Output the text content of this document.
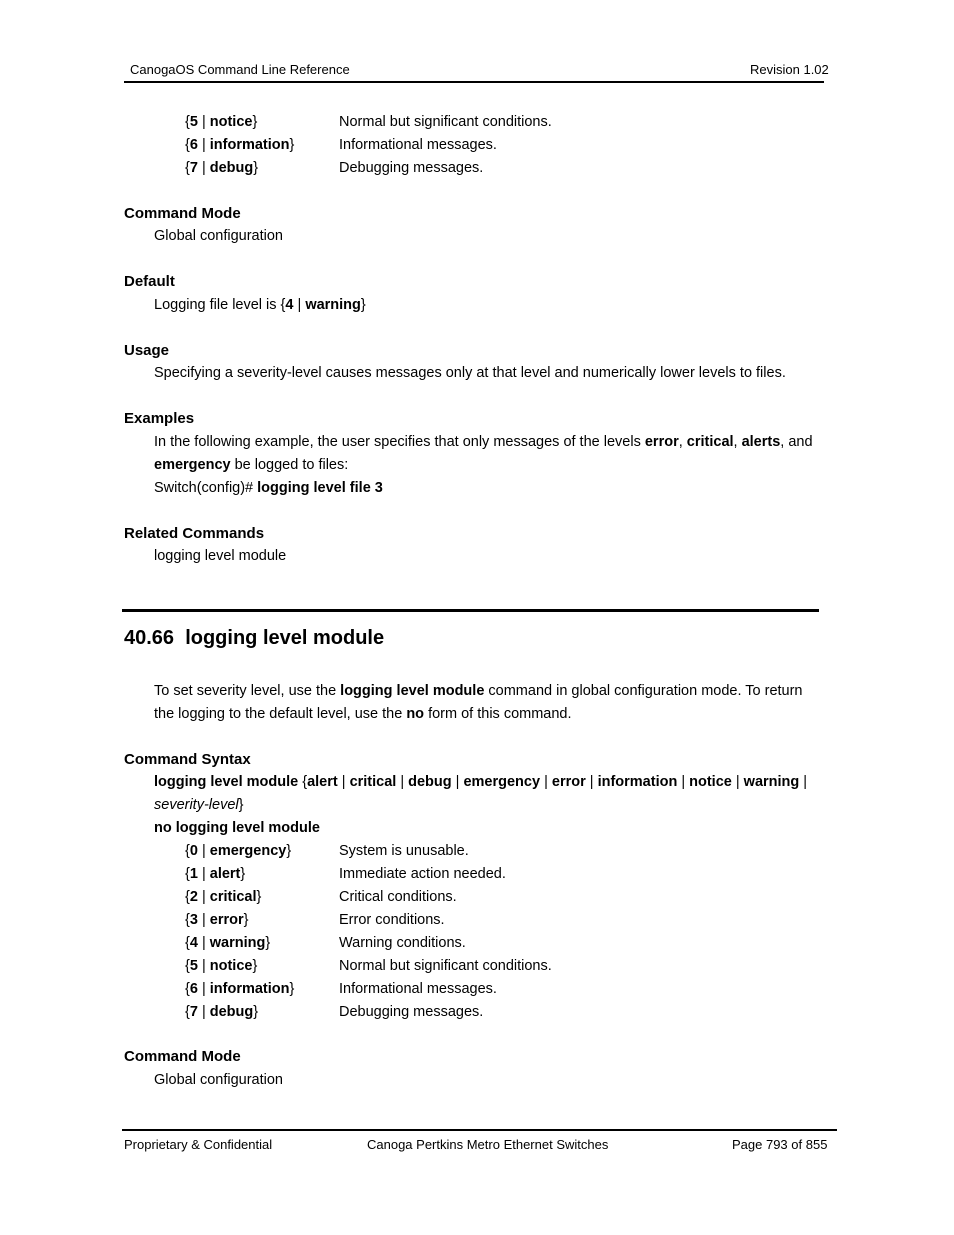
CanogaOS Command Line Reference	Revision 1.02
{5 | notice}	Normal but significant conditions.
{6 | information}	Informational messages.
{7 | debug}	Debugging messages.
Command Mode
Global configuration
Default
Logging file level is {4 | warning}
Usage
Specifying a severity-level causes messages only at that level and numerically lower levels to files.
Examples
In the following example, the user specifies that only messages of the levels error, critical, alerts, and
emergency be logged to files:
Switch(config)# logging level file 3
Related Commands
logging level module
40.66 logging level module
To set severity level, use the logging level module command in global configuration mode. To return
the logging to the default level, use the no form of this command.
Command Syntax
logging level module {alert | critical | debug | emergency | error | information | notice | warning |
severity-level}
no logging level module
{0 | emergency}	System is unusable.
{1 | alert}	Immediate action needed.
{2 | critical}	Critical conditions.
{3 | error}	Error conditions.
{4 | warning}	Warning conditions.
{5 | notice}	Normal but significant conditions.
{6 | information}	Informational messages.
{7 | debug}	Debugging messages.
Command Mode
Global configuration
Proprietary & Confidential	Canoga Pertkins Metro Ethernet Switches	Page 793 of 855
